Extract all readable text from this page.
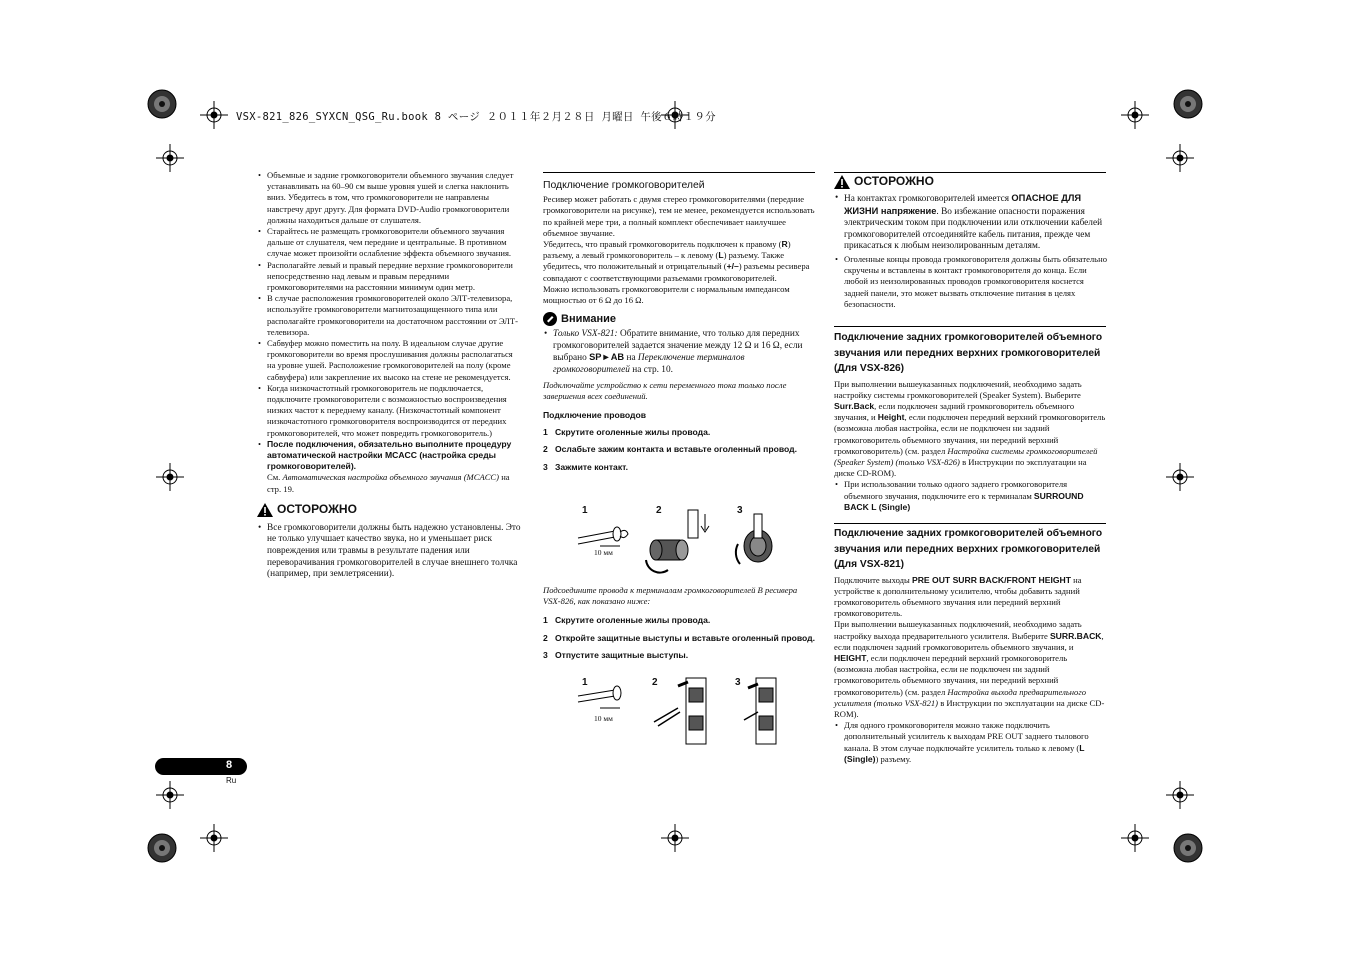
VSX-821_826_SYXCN_QSG_Ru.book 8 ページ ２０１１年２月２８日 月曜日 午後６時１９分
• Объемные и задние громкоговорители объемного звучания следует устанавливать на 60–90 см выше уровня ушей и слегка наклонить вниз. Убедитесь в том, что громкоговорители не направлены навстречу друг другу. Для формата DVD-Audio громкоговорители должны находиться дальше от слушателя.
• Старайтесь не размещать громкоговорители объемного звучания дальше от слушателя, чем передние и центральные. В противном случае может произойти ослабление эффекта объемного звучания.
• Располагайте левый и правый передние верхние громкоговорители непосредственно над левым и правым передними громкоговорителями на расстоянии минимум один метр.
• В случае расположения громкоговорителей около ЭЛТ-телевизора, используйте громкоговорители магнитозащищенного типа или располагайте громкоговорители на достаточном расстоянии от ЭЛТ-телевизора.
• Сабвуфер можно поместить на полу. В идеальном случае другие громкоговорители во время прослушивания должны располагаться на уровне ушей. Расположение громкоговорителей на полу (кроме сабвуфера) или закрепление их высоко на стене не рекомендуется.
• Когда низкочастотный громкоговоритель не подключается, подключите громкоговорители с возможностью воспроизведения низких частот к переднему каналу. (Низкочастотный компонент низкочастотного громкоговорителя воспроизводится от передних громкоговорителей, что может повредить громкоговоритель.)
• После подключения, обязательно выполните процедуру автоматической настройки MCACC (настройка среды громкоговорителей).
См. Автоматическая настройка объемного звучания (MCACC) на стр. 19.
ОСТОРОЖНО
• Все громкоговорители должны быть надежно установлены. Это не только улучшает качество звука, но и уменьшает риск повреждения или травмы в результате падения или переворачивания громкоговорителей в случае внешнего толчка (например, при землетрясении).
Подключение громкоговорителей

Ресивер может работать с двумя стерео громкоговорителями (передние громкоговорители на рисунке), тем не менее, рекомендуется использовать по крайней мере три, а полный комплект обеспечивает наилучшее объемное звучание.

Убедитесь, что правый громкоговоритель подключен к правому (R) разъему, а левый громкоговоритель – к левому (L) разъему. Также убедитесь, что положительный и отрицательный (+/–) разъемы ресивера совпадают с соответствующими разъемами громкоговорителей.

Можно использовать громкоговорители с нормальным импедансом мощностью от 6 Ω до 16 Ω.

Внимание
• Только VSX-821: Обратите внимание, что только для передних громкоговорителей задается значение между 12 Ω и 16 Ω, если выбрано SP►AB на Переключение терминалов громкоговорителей на стр. 10.

Подключайте устройство к сети переменного тока только после завершения всех соединений.

Подключение проводов
1 Скрутите оголенные жилы провода.
2 Ослабьте зажим контакта и вставьте оголенный провод.
3 Зажмите контакт.
1	2	3
10 мм

Подсоедините провода к терминалам громкоговорителей В ресивера VSX-826, как показано ниже:

1 Скрутите оголенные жилы провода.
2 Откройте защитные выступы и вставьте оголенный провод.
3 Отпустите защитные выступы.
1	2	3
10 мм
ОСТОРОЖНО
• На контактах громкоговорителей имеется ОПАСНОЕ ДЛЯ ЖИЗНИ напряжение. Во избежание опасности поражения электрическим током при подключении или отключении кабелей громкоговорителей отсоединяйте кабель питания, прежде чем прикасаться к любым неизолированным деталям.
• Оголенные концы провода громкоговорителя должны быть обязательно скручены и вставлены в контакт громкоговорителя до конца. Если любой из неизолированных проводов громкоговорителя коснется задней панели, это может вызвать отключение питания в целях безопасности.
Подключение задних громкоговорителей объемного звучания или передних верхних громкоговорителей (Для VSX-826)

При выполнении вышеуказанных подключений, необходимо задать настройку системы громкоговорителей (Speaker System). Выберите Surr.Back, если подключен задний громкоговоритель объемного звучания, и Height, если подключен передний верхний громкоговоритель (возможна любая настройка, если не подключен ни задний громкоговоритель объемного звучания, ни передний верхний громкоговоритель) (см. раздел Настройка системы громкоговорителей (Speaker System) (только VSX-826) в Инструкции по эксплуатации на диске CD-ROM).

• При использовании только одного заднего громкоговорителя объемного звучания, подключите его к терминалам SURROUND BACK L (Single)
Подключение задних громкоговорителей объемного звучания или передних верхних громкоговорителей (Для VSX-821)

Подключите выходы PRE OUT SURR BACK/FRONT HEIGHT на устройстве к дополнительному усилителю, чтобы добавить задний громкоговоритель объемного звучания или передний верхний громкоговоритель.

При выполнении вышеуказанных подключений, необходимо задать настройку выхода предварительного усилителя. Выберите SURR.BACK, если подключен задний громкоговоритель объемного звучания, и HEIGHT, если подключен передний верхний громкоговоритель (возможна любая настройка, если не подключен ни задний громкоговоритель объемного звучания, ни передний верхний громкоговоритель) (см. раздел Настройка выхода предварительного усилителя (только VSX-821) в Инструкции по эксплуатации на диске CD-ROM).

• Для одного громкоговорителя можно также подключить дополнительный усилитель к выходам PRE OUT заднего тылового канала. В этом случае подключайте усилитель только к левому (L (Single)) разъему.
8
Ru
